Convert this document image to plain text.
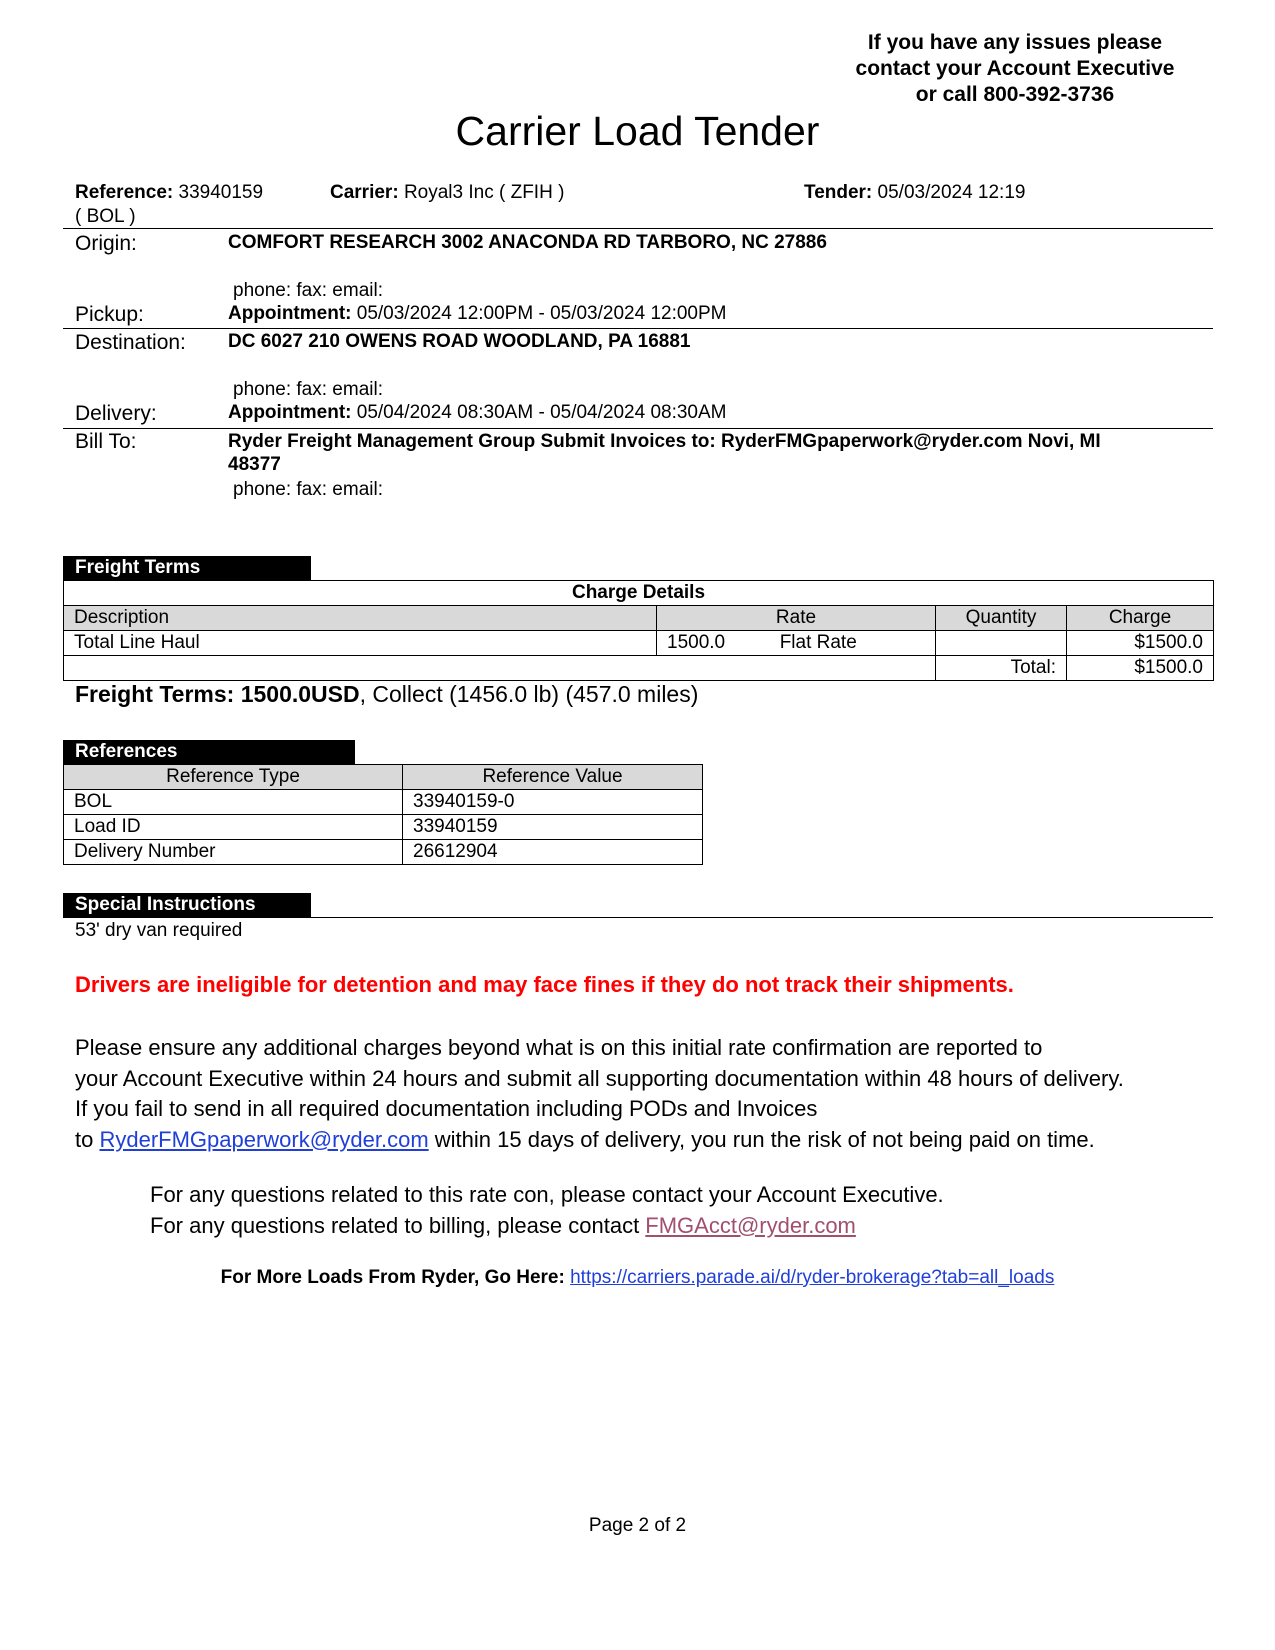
If you have any issues please
contact your Account Executive
or call 800-392-3736
Carrier Load Tender
Reference: 33940159
( BOL )
Carrier: Royal3 Inc ( ZFIH )	Tender: 05/03/2024 12:19
Origin:	COMFORT RESEARCH 3002 ANACONDA RD TARBORO, NC 27886
phone: fax: email:
Pickup:	Appointment: 05/03/2024 12:00PM - 05/03/2024 12:00PM
Destination: DC 6027 210 OWENS ROAD WOODLAND, PA 16881
phone: fax: email:
Delivery:	Appointment: 05/04/2024 08:30AM - 05/04/2024 08:30AM
Bill To:	Ryder Freight Management Group Submit Invoices to: RyderFMGpaperwork@ryder.com Novi, MI
48377
phone: fax: email:
Freight Terms
Charge Details			
Description	Rate	Quantity	Charge
Total Line Haul	1500.0 Flat Rate		$1500.0
		Total:	$1500.0
Freight Terms: 1500.0USD, Collect (1456.0 lb) (457.0 miles)
References
Reference Type	Reference Value
BOL	33940159-0
Load ID	33940159
Delivery Number	26612904
Special Instructions
53' dry van required
Drivers are ineligible for detention and may face fines if they do not track their shipments.
Please ensure any additional charges beyond what is on this initial rate confirmation are reported to
your Account Executive within 24 hours and submit all supporting documentation within 48 hours of delivery.
If you fail to send in all required documentation including PODs and Invoices
to RyderFMGpaperwork@ryder.com within 15 days of delivery, you run the risk of not being paid on time.
For any questions related to this rate con, please contact your Account Executive.
For any questions related to billing, please contact FMGAcct@ryder.com
For More Loads From Ryder, Go Here: https://carriers.parade.ai/d/ryder-brokerage?tab=all_loads
Page 2 of 2
